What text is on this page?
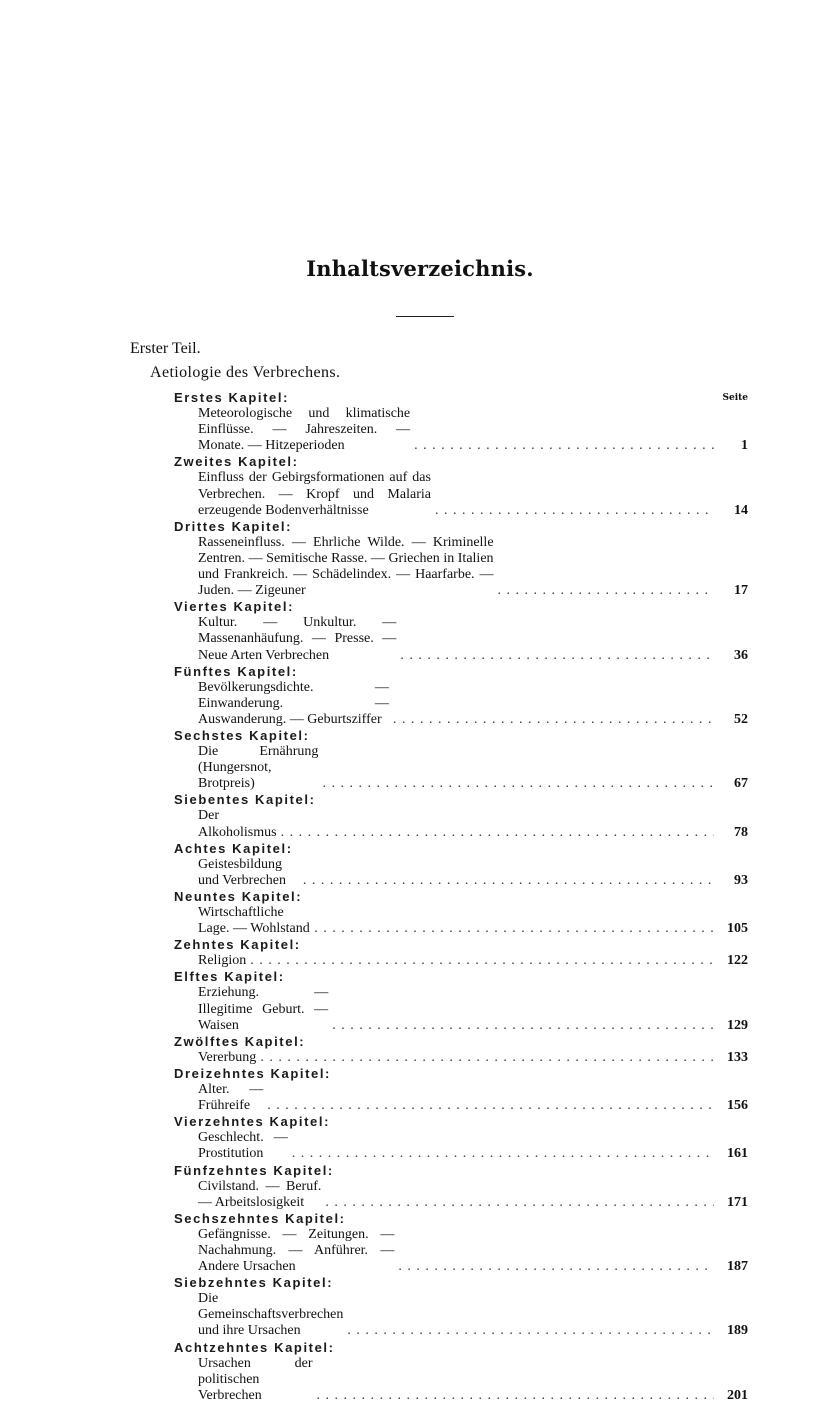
Inhaltsverzeichnis.
Erster Teil.
Aetiologie des Verbrechens.
Seite
Erstes Kapitel:
Meteorologische und klimatische Einflüsse. — Jahreszeiten. — Monate. — Hitzeperioden . . .	1
Zweites Kapitel:
Einfluss der Gebirgsformationen auf das Verbrechen. — Kropf und Malaria erzeugende Bodenverhältnisse . . .	14
Drittes Kapitel:
Rasseneinfluss. — Ehrliche Wilde. — Kriminelle Zentren. — Semitische Rasse. — Griechen in Italien und Frankreich. — Schädelindex. — Haarfarbe. — Juden. — Zigeuner . . .	17
Viertes Kapitel:
Kultur. — Unkultur. — Massenanhäufung. — Presse. — Neue Arten Verbrechen . . .	36
Fünftes Kapitel:
Bevölkerungsdichte. — Einwanderung. — Auswanderung. — Geburtsziffer . . .	52
Sechstes Kapitel:
Die Ernährung (Hungersnot, Brotpreis) . . .	67
Siebentes Kapitel:
Der Alkoholismus . . .	78
Achtes Kapitel:
Geistesbildung und Verbrechen . . .	93
Neuntes Kapitel:
Wirtschaftliche Lage. — Wohlstand . . .	105
Zehntes Kapitel:
Religion . . .	122
Elftes Kapitel:
Erziehung. — Illegitime Geburt. — Waisen . . .	129
Zwölftes Kapitel:
Vererbung . . .	133
Dreizehntes Kapitel:
Alter. — Frühreife . . .	156
Vierzehntes Kapitel:
Geschlecht. — Prostitution . . .	161
Fünfzehntes Kapitel:
Civilstand. — Beruf. — Arbeitslosigkeit . . .	171
Sechszehntes Kapitel:
Gefängnisse. — Zeitungen. — Nachahmung. — Anführer. — Andere Ursachen . . .	187
Siebzehntes Kapitel:
Die Gemeinschaftsverbrechen und ihre Ursachen . . .	189
Achtzehntes Kapitel:
Ursachen der politischen Verbrechen . . .	201
